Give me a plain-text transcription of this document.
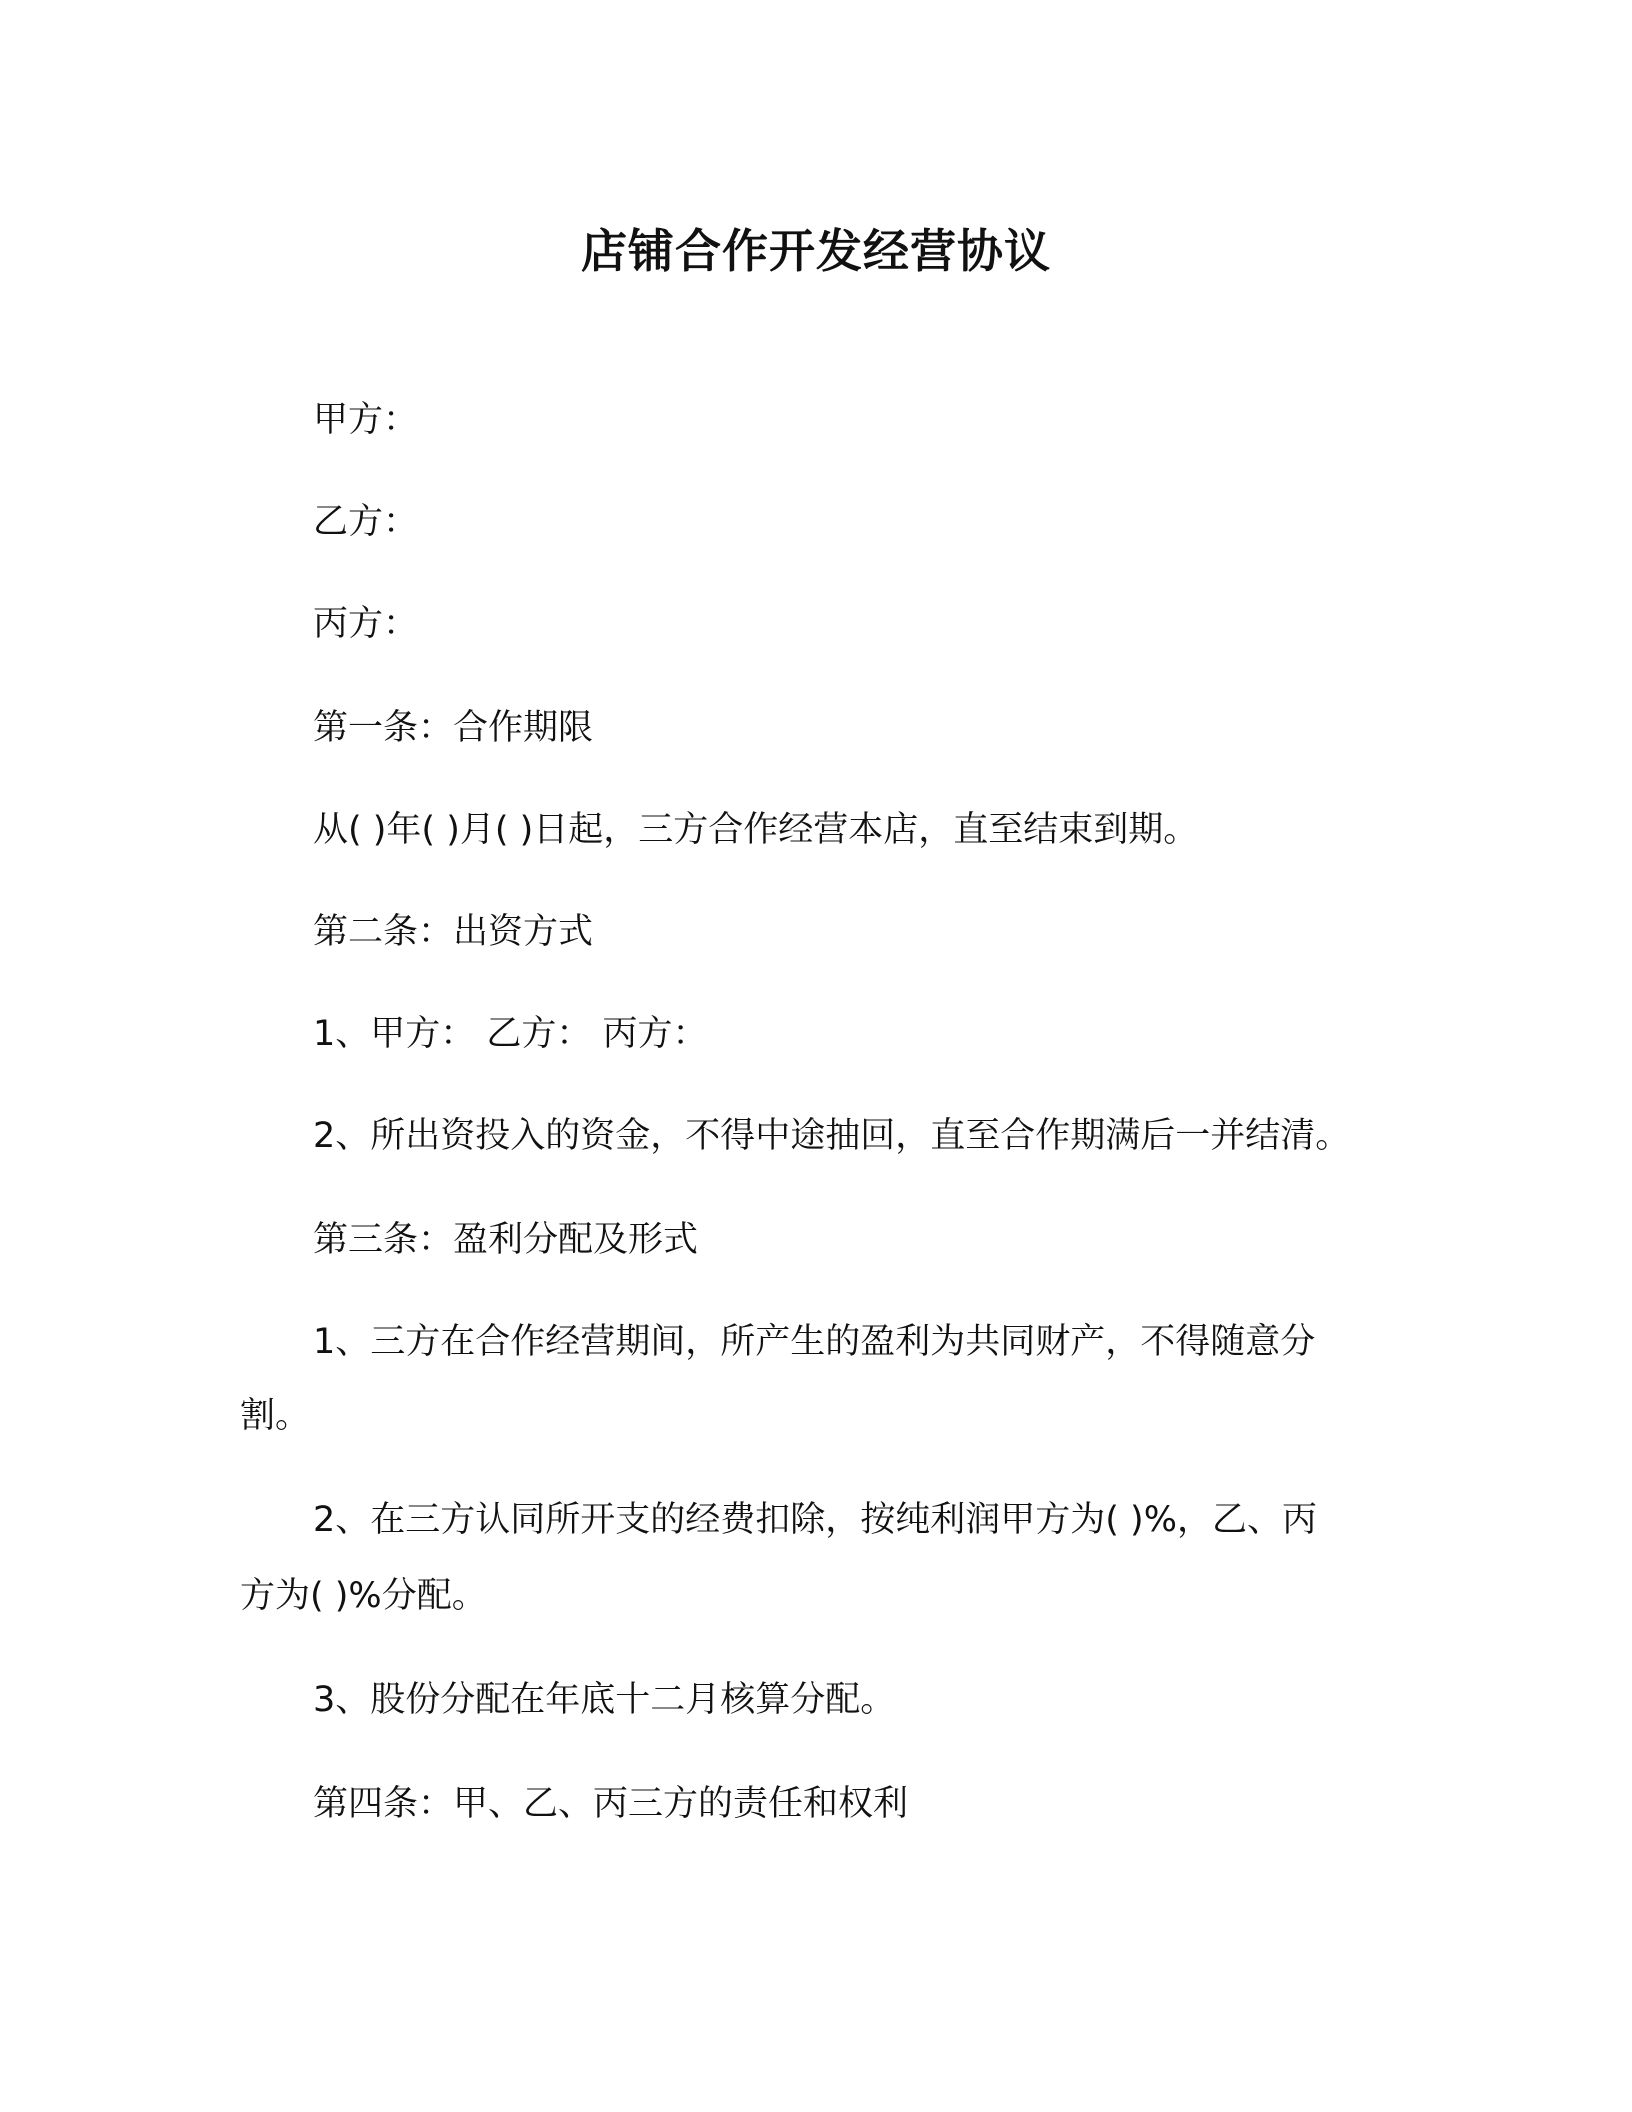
店铺合作开发经营协议

甲方：

乙方：

丙方：

第一条：合作期限

从( )年( )月( )日起，三方合作经营本店，直至结束到期。

第二条：出资方式

1、甲方： 乙方： 丙方：

2、所出资投入的资金，不得中途抽回，直至合作期满后一并结清。

第三条：盈利分配及形式

1、三方在合作经营期间，所产生的盈利为共同财产，不得随意分

割。

2、在三方认同所开支的经费扣除，按纯利润甲方为( )%，乙、丙

方为( )%分配。

3、股份分配在年底十二月核算分配。

第四条：甲、乙、丙三方的责任和权利
